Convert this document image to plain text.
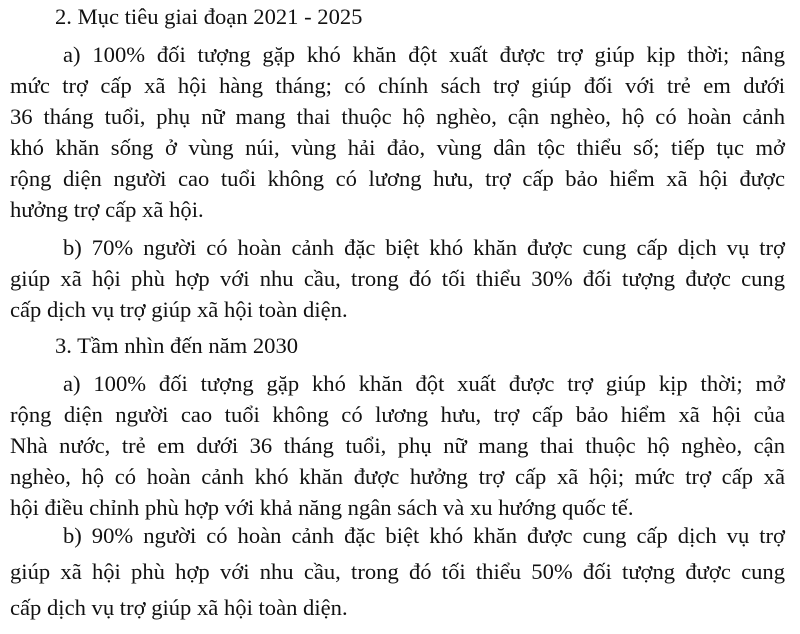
2. Mục tiêu giai đoạn 2021 - 2025
a) 100% đối tượng gặp khó khăn đột xuất được trợ giúp kịp thời; nâng
mức trợ cấp xã hội hàng tháng; có chính sách trợ giúp đối với trẻ em dưới
36 tháng tuổi, phụ nữ mang thai thuộc hộ nghèo, cận nghèo, hộ có hoàn cảnh
khó khăn sống ở vùng núi, vùng hải đảo, vùng dân tộc thiểu số; tiếp tục mở
rộng diện người cao tuổi không có lương hưu, trợ cấp bảo hiểm xã hội được
hưởng trợ cấp xã hội.
b) 70% người có hoàn cảnh đặc biệt khó khăn được cung cấp dịch vụ trợ
giúp xã hội phù hợp với nhu cầu, trong đó tối thiểu 30% đối tượng được cung
cấp dịch vụ trợ giúp xã hội toàn diện.
3. Tầm nhìn đến năm 2030
a) 100% đối tượng gặp khó khăn đột xuất được trợ giúp kịp thời; mở
rộng diện người cao tuổi không có lương hưu, trợ cấp bảo hiểm xã hội của
Nhà nước, trẻ em dưới 36 tháng tuổi, phụ nữ mang thai thuộc hộ nghèo, cận
nghèo, hộ có hoàn cảnh khó khăn được hưởng trợ cấp xã hội; mức trợ cấp xã
hội điều chỉnh phù hợp với khả năng ngân sách và xu hướng quốc tế.
b) 90% người có hoàn cảnh đặc biệt khó khăn được cung cấp dịch vụ trợ
giúp xã hội phù hợp với nhu cầu, trong đó tối thiểu 50% đối tượng được cung
cấp dịch vụ trợ giúp xã hội toàn diện.
